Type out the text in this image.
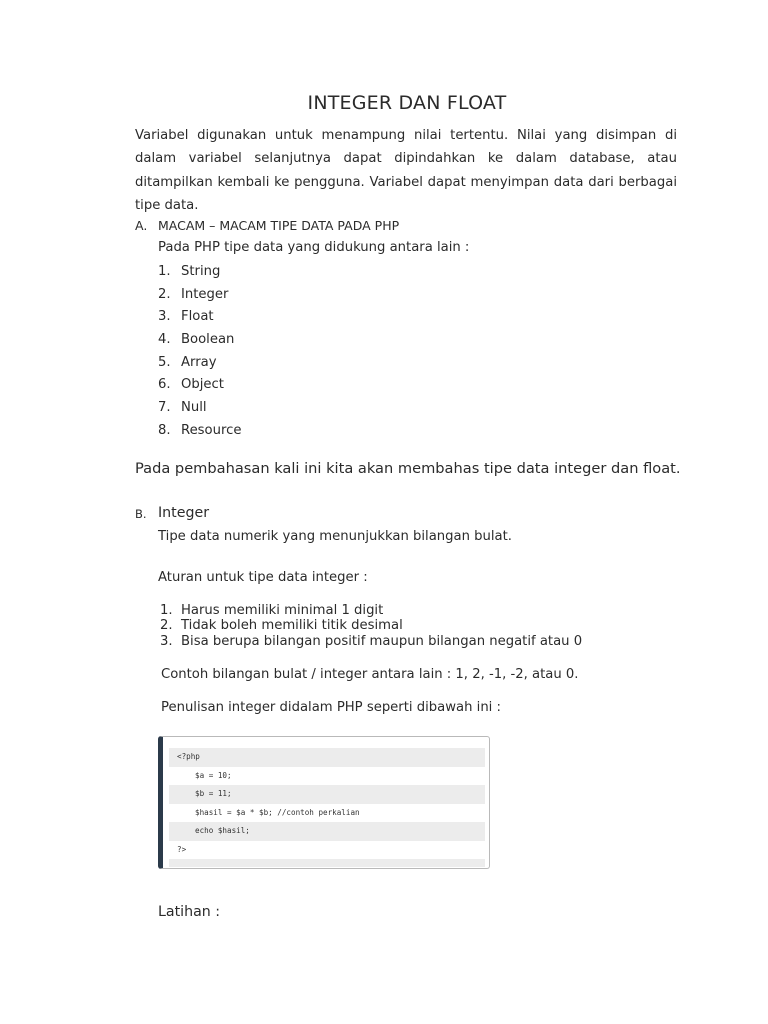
INTEGER DAN FLOAT
Variabel digunakan untuk menampung nilai tertentu. Nilai yang disimpan di dalam variabel selanjutnya dapat dipindahkan ke dalam database, atau ditampilkan kembali ke pengguna. Variabel dapat menyimpan data dari berbagai tipe data.
A. MACAM – MACAM TIPE DATA PADA PHP
Pada PHP tipe data yang didukung antara lain :
1. String
2. Integer
3. Float
4. Boolean
5. Array
6. Object
7. Null
8. Resource
Pada pembahasan kali ini kita akan membahas tipe data integer dan float.
B. Integer
Tipe data numerik yang menunjukkan bilangan bulat.
Aturan untuk tipe data integer :
1. Harus memiliki minimal 1 digit
2. Tidak boleh memiliki titik desimal
3. Bisa berupa bilangan positif maupun bilangan negatif atau 0
Contoh bilangan bulat / integer antara lain : 1, 2, -1, -2, atau 0.
Penulisan integer didalam PHP seperti dibawah ini :
<?php
$a = 10;
$b = 11;
$hasil = $a * $b; //contoh perkalian
echo $hasil;
?>
Latihan :
